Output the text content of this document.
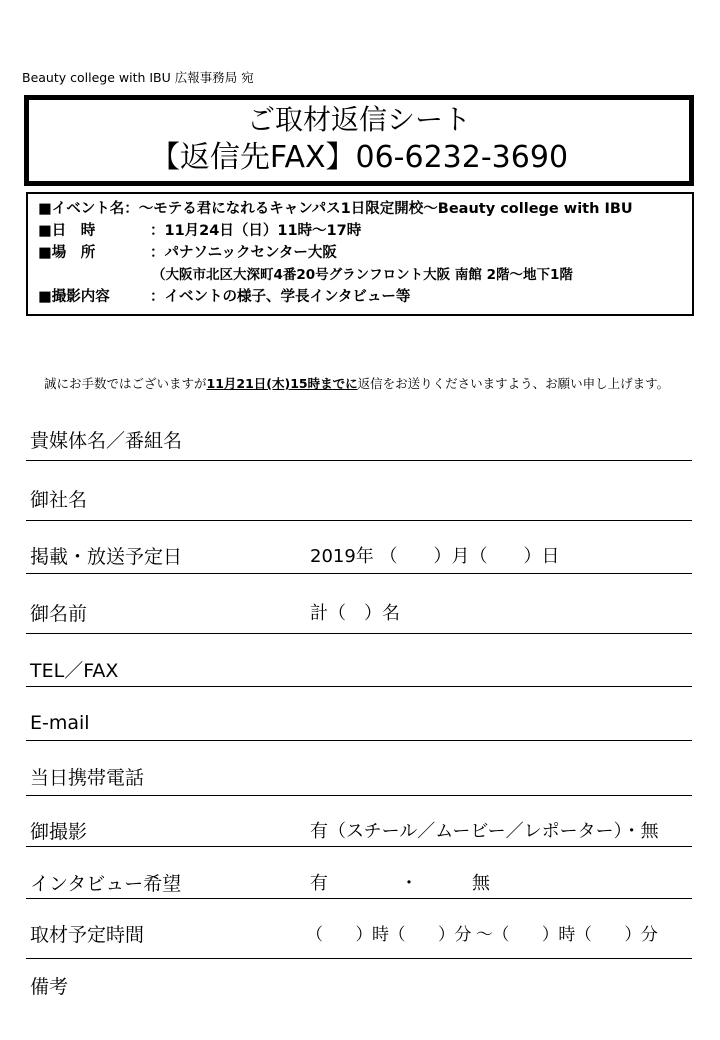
Beauty college with IBU 広報事務局 宛
ご取材返信シート
【返信先FAX】06-6232-3690
■イベント名：～モテる君になれるキャンパス1日限定開校～Beauty college with IBU
■日　時	：11月24日（日）11時～17時
■場　所	：パナソニックセンター大阪
（大阪市北区大深町4番20号グランフロント大阪 南館 2階～地下1階
■撮影内容	：イベントの様子、学長インタビュー等
誠にお手数ではございますが11月21日(木)15時までに返信をお送りくださいますよう、お願い申し上げます。
貴媒体名／番組名
御社名
掲載・放送予定日	2019年 （　　）月（　　）日
御名前	計（　）名
TEL／FAX
E-mail
当日携帯電話
御撮影	有（スチール／ムービー／レポーター）・無
インタビュー希望	有　　　　・　　　無
取材予定時間	（　　）時（　　）分 ～（　　）時（　　）分
備考
